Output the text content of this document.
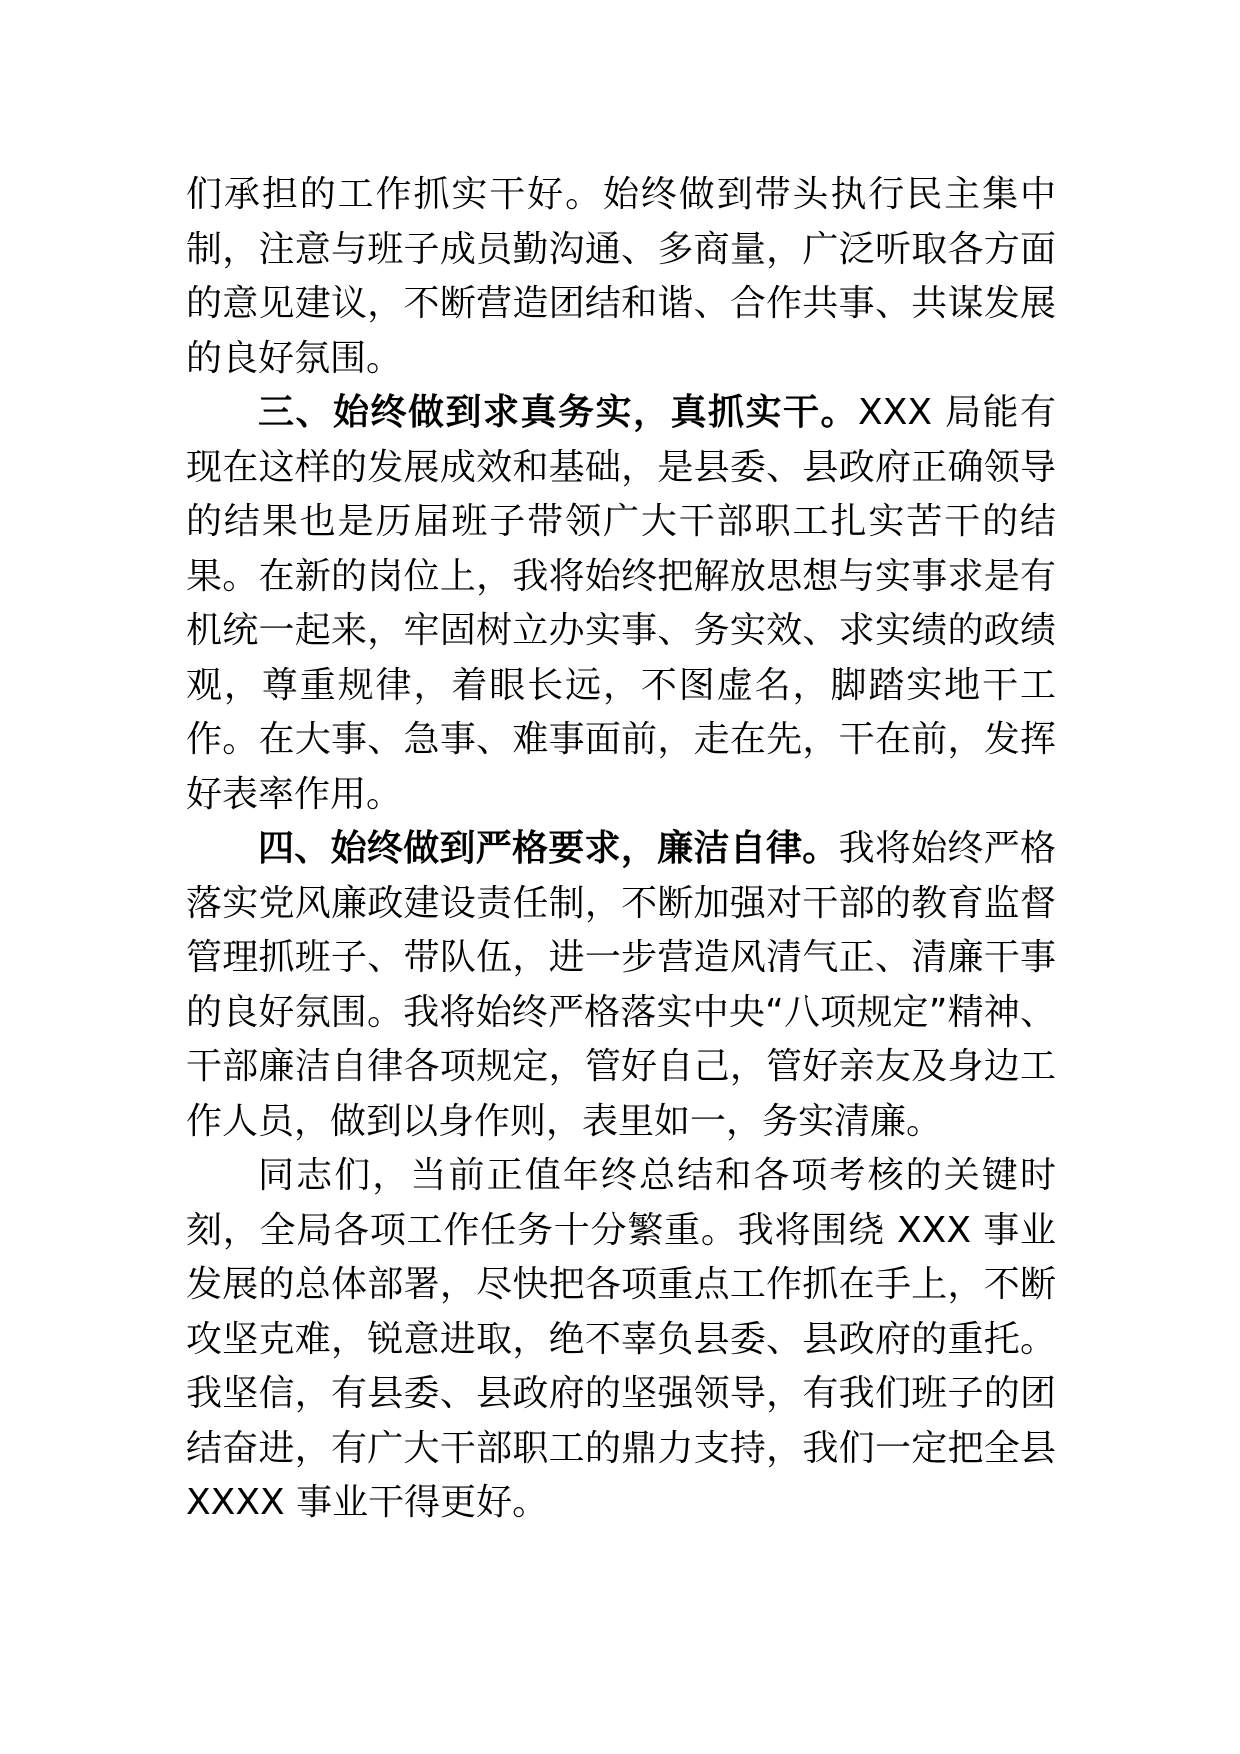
们承担的工作抓实干好。始终做到带头执行民主集中制，注意与班子成员勤沟通、多商量，广泛听取各方面的意见建议，不断营造团结和谐、合作共事、共谋发展的良好氛围。

三、始终做到求真务实，真抓实干。XXX 局能有现在这样的发展成效和基础，是县委、县政府正确领导的结果也是历届班子带领广大干部职工扎实苦干的结果。在新的岗位上，我将始终把解放思想与实事求是有机统一起来，牢固树立办实事、务实效、求实绩的政绩观，尊重规律，着眼长远，不图虚名，脚踏实地干工作。在大事、急事、难事面前，走在先，干在前，发挥好表率作用。

四、始终做到严格要求，廉洁自律。我将始终严格落实党风廉政建设责任制，不断加强对干部的教育监督管理抓班子、带队伍，进一步营造风清气正、清廉干事的良好氛围。我将始终严格落实中央“八项规定”精神、干部廉洁自律各项规定，管好自己，管好亲友及身边工作人员，做到以身作则，表里如一，务实清廉。

同志们，当前正值年终总结和各项考核的关键时刻，全局各项工作任务十分繁重。我将围绕 XXX 事业发展的总体部署，尽快把各项重点工作抓在手上，不断攻坚克难，锐意进取，绝不辜负县委、县政府的重托。我坚信，有县委、县政府的坚强领导，有我们班子的团结奋进，有广大干部职工的鼎力支持，我们一定把全县 XXXX 事业干得更好。
